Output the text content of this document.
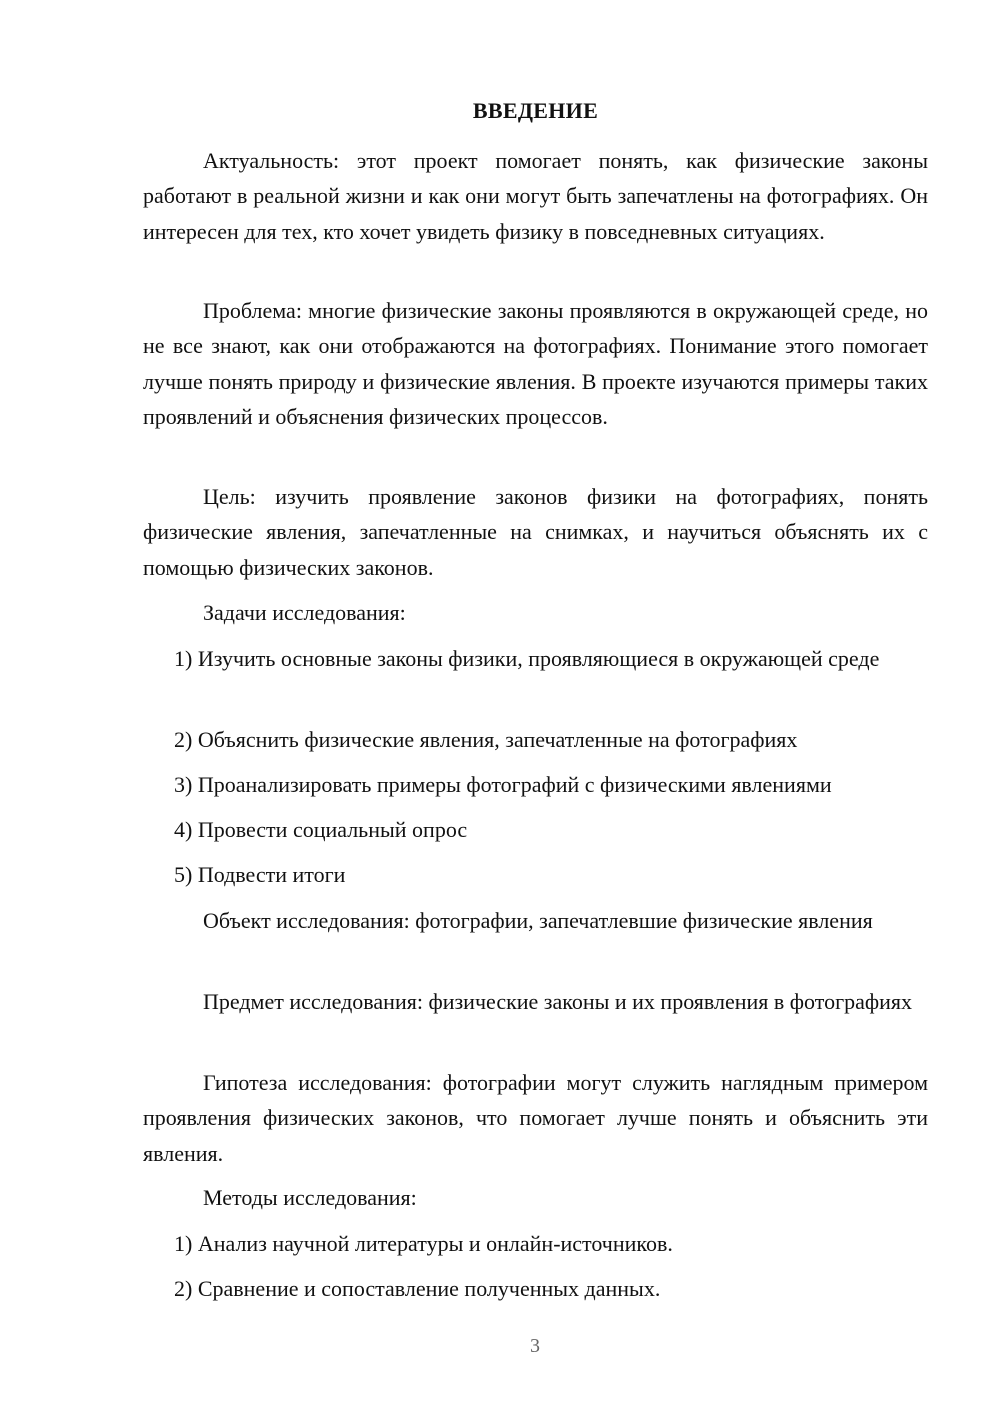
ВВЕДЕНИЕ
Актуальность: этот проект помогает понять, как физические законы работают в реальной жизни и как они могут быть запечатлены на фотографиях. Он интересен для тех, кто хочет увидеть физику в повседневных ситуациях.
Проблема: многие физические законы проявляются в окружающей среде, но не все знают, как они отображаются на фотографиях. Понимание этого помогает лучше понять природу и физические явления. В проекте изучаются примеры таких проявлений и объяснения физических процессов.
Цель: изучить проявление законов физики на фотографиях, понять физические явления, запечатленные на снимках, и научиться объяснять их с помощью физических законов.
Задачи исследования:
1) Изучить основные законы физики, проявляющиеся в окружающей среде
2) Объяснить физические явления, запечатленные на фотографиях
3) Проанализировать примеры фотографий с физическими явлениями
4) Провести социальный опрос
5) Подвести итоги
Объект исследования: фотографии, запечатлевшие физические явления
Предмет исследования: физические законы и их проявления в фотографиях
Гипотеза исследования: фотографии могут служить наглядным примером проявления физических законов, что помогает лучше понять и объяснить эти явления.
Методы исследования:
1) Анализ научной литературы и онлайн-источников.
2) Сравнение и сопоставление полученных данных.
3
